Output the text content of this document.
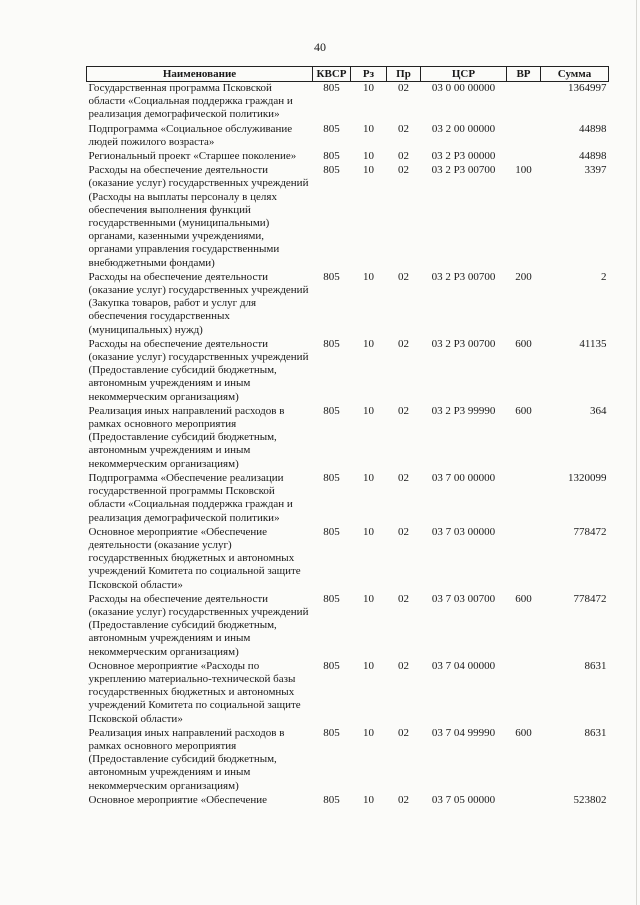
40
Наименование	КВСР	Рз	Пр	ЦСР	ВР	Сумма
Государственная программа Псковской области «Социальная поддержка граждан и реализация демографической политики»	805	10	02	03 0 00 00000		1364997
Подпрограмма «Социальное обслуживание людей пожилого возраста»	805	10	02	03 2 00 00000		44898
Региональный проект «Старшее поколение»	805	10	02	03 2 P3 00000		44898
Расходы на обеспечение деятельности (оказание услуг) государственных учреждений (Расходы на выплаты персоналу в целях обеспечения выполнения функций государственными (муниципальными) органами, казенными учреждениями, органами управления государственными внебюджетными фондами)	805	10	02	03 2 P3 00700	100	3397
Расходы на обеспечение деятельности (оказание услуг) государственных учреждений (Закупка товаров, работ и услуг для обеспечения государственных (муниципальных) нужд)	805	10	02	03 2 P3 00700	200	2
Расходы на обеспечение деятельности (оказание услуг) государственных учреждений (Предоставление субсидий бюджетным, автономным учреждениям и иным некоммерческим организациям)	805	10	02	03 2 P3 00700	600	41135
Реализация иных направлений расходов в рамках основного мероприятия (Предоставление субсидий бюджетным, автономным учреждениям и иным некоммерческим организациям)	805	10	02	03 2 P3 99990	600	364
Подпрограмма «Обеспечение реализации государственной программы Псковской области «Социальная поддержка граждан и реализация демографической политики»	805	10	02	03 7 00 00000		1320099
Основное мероприятие «Обеспечение деятельности (оказание услуг) государственных бюджетных и автономных учреждений Комитета по социальной защите Псковской области»	805	10	02	03 7 03 00000		778472
Расходы на обеспечение деятельности (оказание услуг) государственных учреждений (Предоставление субсидий бюджетным, автономным учреждениям и иным некоммерческим организациям)	805	10	02	03 7 03 00700	600	778472
Основное мероприятие «Расходы по укреплению материально-технической базы государственных бюджетных и автономных учреждений Комитета по социальной защите Псковской области»	805	10	02	03 7 04 00000		8631
Реализация иных направлений расходов в рамках основного мероприятия (Предоставление субсидий бюджетным, автономным учреждениям и иным некоммерческим организациям)	805	10	02	03 7 04 99990	600	8631
Основное мероприятие «Обеспечение	805	10	02	03 7 05 00000		523802
